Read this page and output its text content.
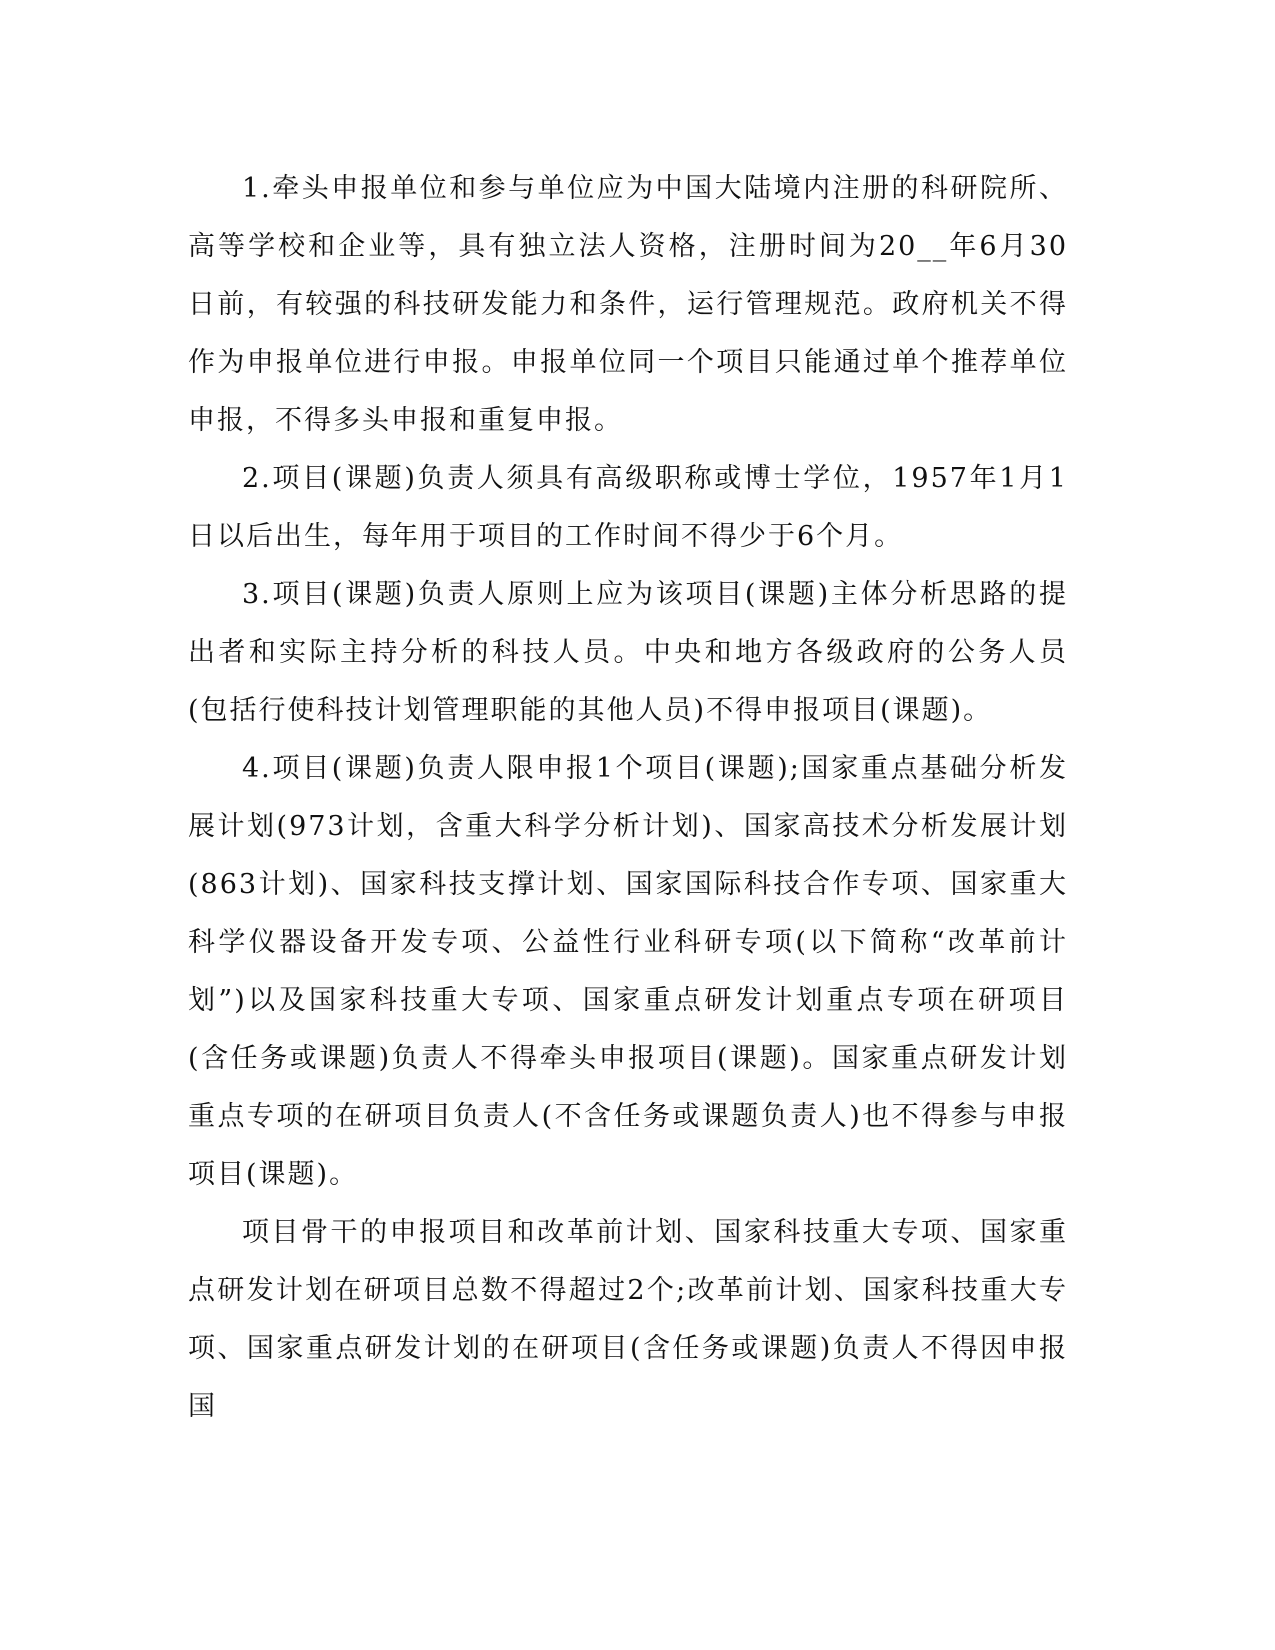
1.牵头申报单位和参与单位应为中国大陆境内注册的科研院所、高等学校和企业等，具有独立法人资格，注册时间为20__年6月30日前，有较强的科技研发能力和条件，运行管理规范。政府机关不得作为申报单位进行申报。申报单位同一个项目只能通过单个推荐单位申报，不得多头申报和重复申报。

2.项目(课题)负责人须具有高级职称或博士学位，1957年1月1日以后出生，每年用于项目的工作时间不得少于6个月。

3.项目(课题)负责人原则上应为该项目(课题)主体分析思路的提出者和实际主持分析的科技人员。中央和地方各级政府的公务人员(包括行使科技计划管理职能的其他人员)不得申报项目(课题)。

4.项目(课题)负责人限申报1个项目(课题);国家重点基础分析发展计划(973计划，含重大科学分析计划)、国家高技术分析发展计划(863计划)、国家科技支撑计划、国家国际科技合作专项、国家重大科学仪器设备开发专项、公益性行业科研专项(以下简称“改革前计划”)以及国家科技重大专项、国家重点研发计划重点专项在研项目(含任务或课题)负责人不得牵头申报项目(课题)。国家重点研发计划重点专项的在研项目负责人(不含任务或课题负责人)也不得参与申报项目(课题)。

项目骨干的申报项目和改革前计划、国家科技重大专项、国家重点研发计划在研项目总数不得超过2个;改革前计划、国家科技重大专项、国家重点研发计划的在研项目(含任务或课题)负责人不得因申报国
